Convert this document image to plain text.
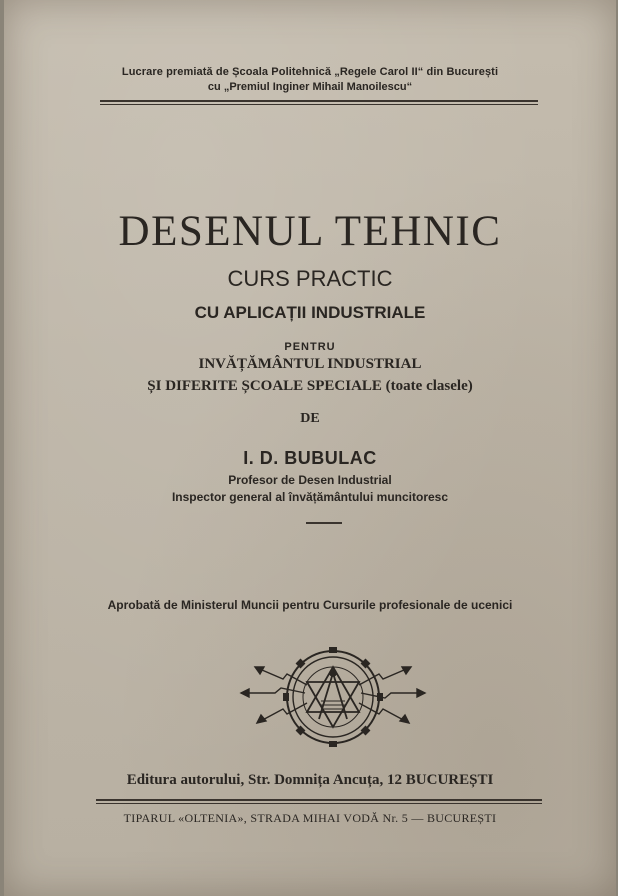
Lucrare premiată de Școala Politehnică „Regele Carol II“ din București
cu „Premiul Inginer Mihail Manoilescu“
DESENUL TEHNIC
CURS PRACTIC
CU APLICAȚII INDUSTRIALE
PENTRU
INVĂȚĂMÂNTUL INDUSTRIAL
ȘI DIFERITE ȘCOALE SPECIALE (toate clasele)
DE
I. D. BUBULAC
Profesor de Desen Industrial
Inspector general al învățământului muncitoresc
Aprobată de Ministerul Muncii pentru Cursurile profesionale de ucenici
Editura autorului, Str. Domnița Ancuța, 12 BUCUREȘTI
TIPARUL «OLTENIA», STRADA MIHAI VODĂ Nr. 5 — BUCUREȘTI
